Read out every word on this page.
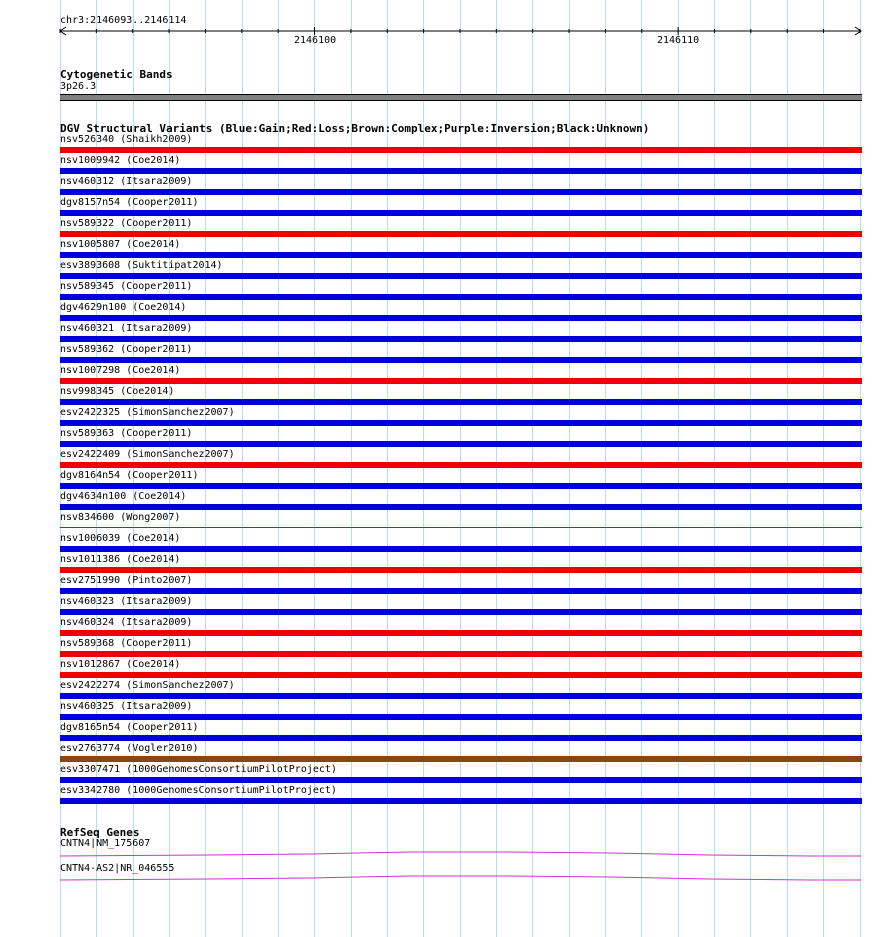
chr3:2146093..2146114
2146100	2146110
Cytogenetic Bands
3p26.3
DGV Structural Variants (Blue:Gain;Red:Loss;Brown:Complex;Purple:Inversion;Black:Unknown)
nsv526340 (Shaikh2009)
nsv1009942 (Coe2014)
nsv460312 (Itsara2009)
dgv8157n54 (Cooper2011)
nsv589322 (Cooper2011)
nsv1005807 (Coe2014)
esv3893608 (Suktitipat2014)
nsv589345 (Cooper2011)
dgv4629n100 (Coe2014)
nsv460321 (Itsara2009)
nsv589362 (Cooper2011)
nsv1007298 (Coe2014)
nsv998345 (Coe2014)
esv2422325 (SimonSanchez2007)
nsv589363 (Cooper2011)
esv2422409 (SimonSanchez2007)
dgv8164n54 (Cooper2011)
dgv4634n100 (Coe2014)
nsv834600 (Wong2007)
nsv1006039 (Coe2014)
nsv1011386 (Coe2014)
esv2751990 (Pinto2007)
nsv460323 (Itsara2009)
nsv460324 (Itsara2009)
nsv589368 (Cooper2011)
nsv1012867 (Coe2014)
esv2422274 (SimonSanchez2007)
nsv460325 (Itsara2009)
dgv8165n54 (Cooper2011)
esv2763774 (Vogler2010)
esv3307471 (1000GenomesConsortiumPilotProject)
esv3342780 (1000GenomesConsortiumPilotProject)
RefSeq Genes
CNTN4|NM_175607
CNTN4-AS2|NR_046555
